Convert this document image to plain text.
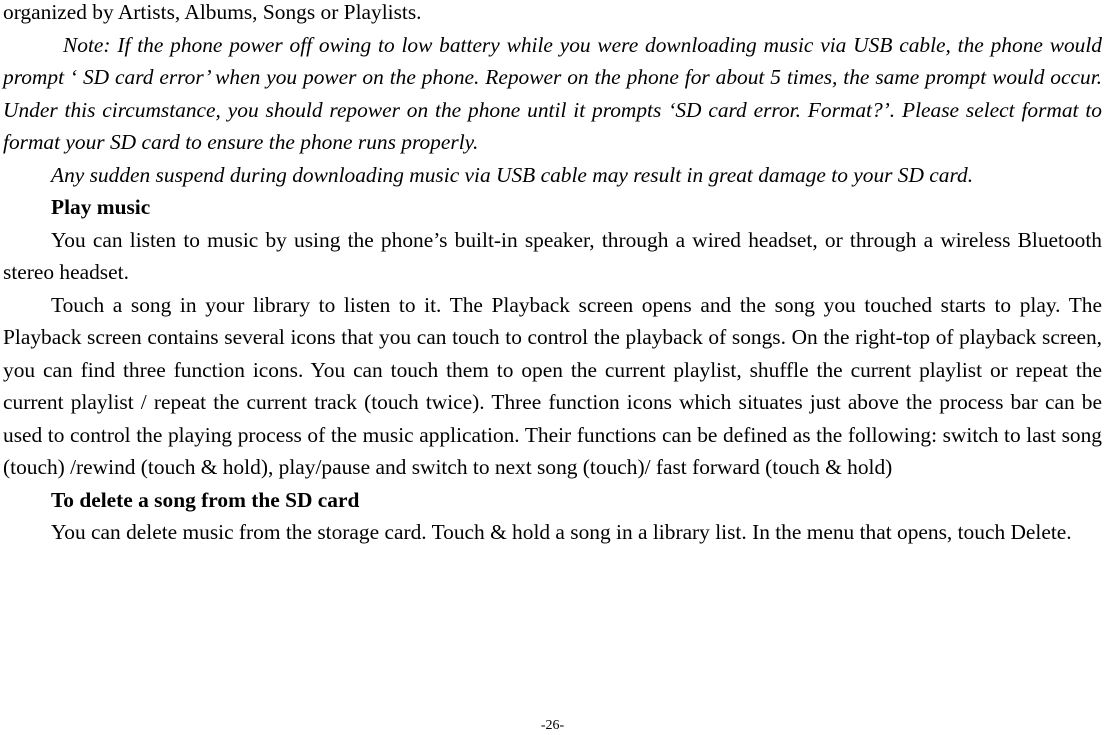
organized by Artists, Albums, Songs or Playlists.

Note: If the phone power off owing to low battery while you were downloading music via USB cable, the phone would prompt ‘ SD card error’ when you power on the phone. Repower on the phone for about 5 times, the same prompt would occur. Under this circumstance, you should repower on the phone until it prompts ‘SD card error. Format?’. Please select format to format your SD card to ensure the phone runs properly.

Any sudden suspend during downloading music via USB cable may result in great damage to your SD card.

Play music

You can listen to music by using the phone’s built-in speaker, through a wired headset, or through a wireless Bluetooth stereo headset.

Touch a song in your library to listen to it. The Playback screen opens and the song you touched starts to play. The Playback screen contains several icons that you can touch to control the playback of songs. On the right-top of playback screen, you can find three function icons. You can touch them to open the current playlist, shuffle the current playlist or repeat the current playlist / repeat the current track (touch twice). Three function icons which situates just above the process bar can be used to control the playing process of the music application. Their functions can be defined as the following: switch to last song (touch) /rewind (touch & hold), play/pause and switch to next song (touch)/ fast forward (touch & hold)

To delete a song from the SD card

You can delete music from the storage card. Touch & hold a song in a library list. In the menu that opens, touch Delete.

-26-
